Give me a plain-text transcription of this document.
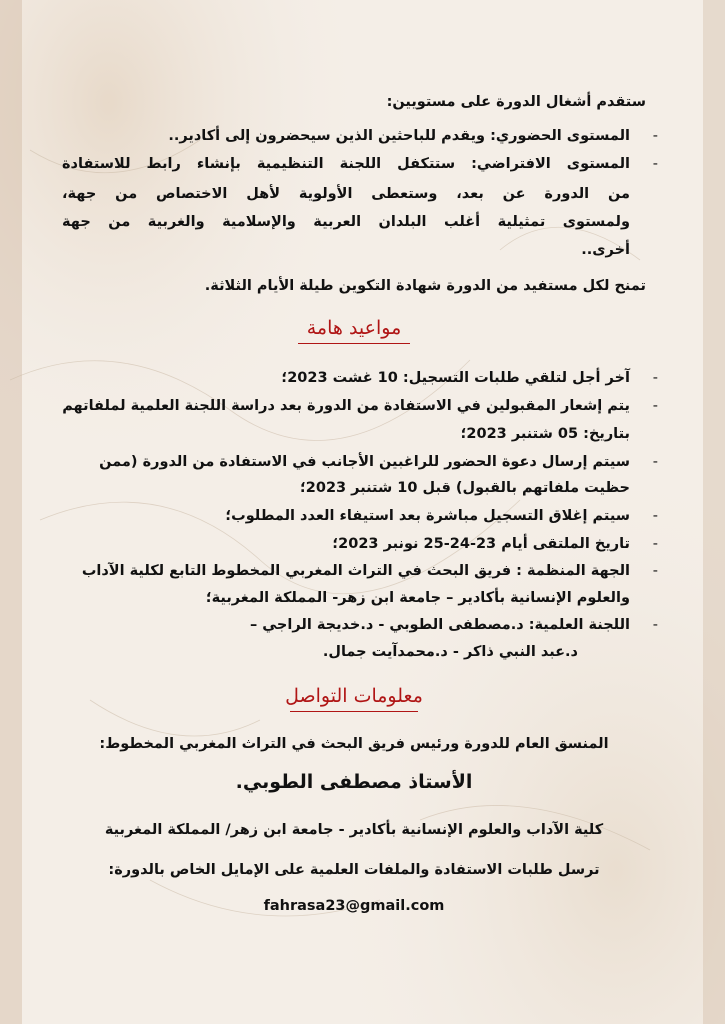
ستقدم أشغال الدورة على مستويين:
-
المستوى الحضوري: ويقدم للباحثين الذين سيحضرون إلى أكادير..
-
المستوى الافتراضي: ستتكفل اللجنة التنظيمية بإنشاء رابط للاستفادة
من الدورة عن بعد، وستعطى الأولوية لأهل الاختصاص من جهة،
ولمستوى تمثيلية أغلب البلدان العربية والإسلامية والغربية من جهة
أخرى..
تمنح لكل مستفيد من الدورة شهادة التكوين طيلة الأيام الثلاثة.
مواعيد هامة
-
آخر أجل لتلقي طلبات التسجيل: 10 غشت 2023؛
-
يتم إشعار المقبولين في الاستفادة من الدورة بعد دراسة اللجنة العلمية لملفاتهم
بتاريخ: 05 شتنبر 2023؛
-
سيتم إرسال دعوة الحضور للراغبين الأجانب في الاستفادة من الدورة (ممن
حظيت ملفاتهم بالقبول) قبل 10 شتنبر 2023؛
-
سيتم إغلاق التسجيل مباشرة بعد استيفاء العدد المطلوب؛
-
تاريخ الملتقى أيام 23-24-25 نونبر 2023؛
-
الجهة المنظمة : فريق البحث في التراث المغربي المخطوط التابع لكلية الآداب
والعلوم الإنسانية بأكادير – جامعة ابن زهر- المملكة المغربية؛
-
اللجنة العلمية: د.مصطفى الطوبي - د.خديجة الراجي –
د.عبد النبي ذاكر - د.محمدآيت جمال.
معلومات التواصل
المنسق العام للدورة ورئيس فريق البحث في التراث المغربي المخطوط:
الأستاذ مصطفى الطوبي.
كلية الآداب والعلوم الإنسانية بأكادير - جامعة ابن زهر/ المملكة المغربية
ترسل طلبات الاستفادة والملفات العلمية على الإمايل الخاص بالدورة:
fahrasa23@gmail.com
